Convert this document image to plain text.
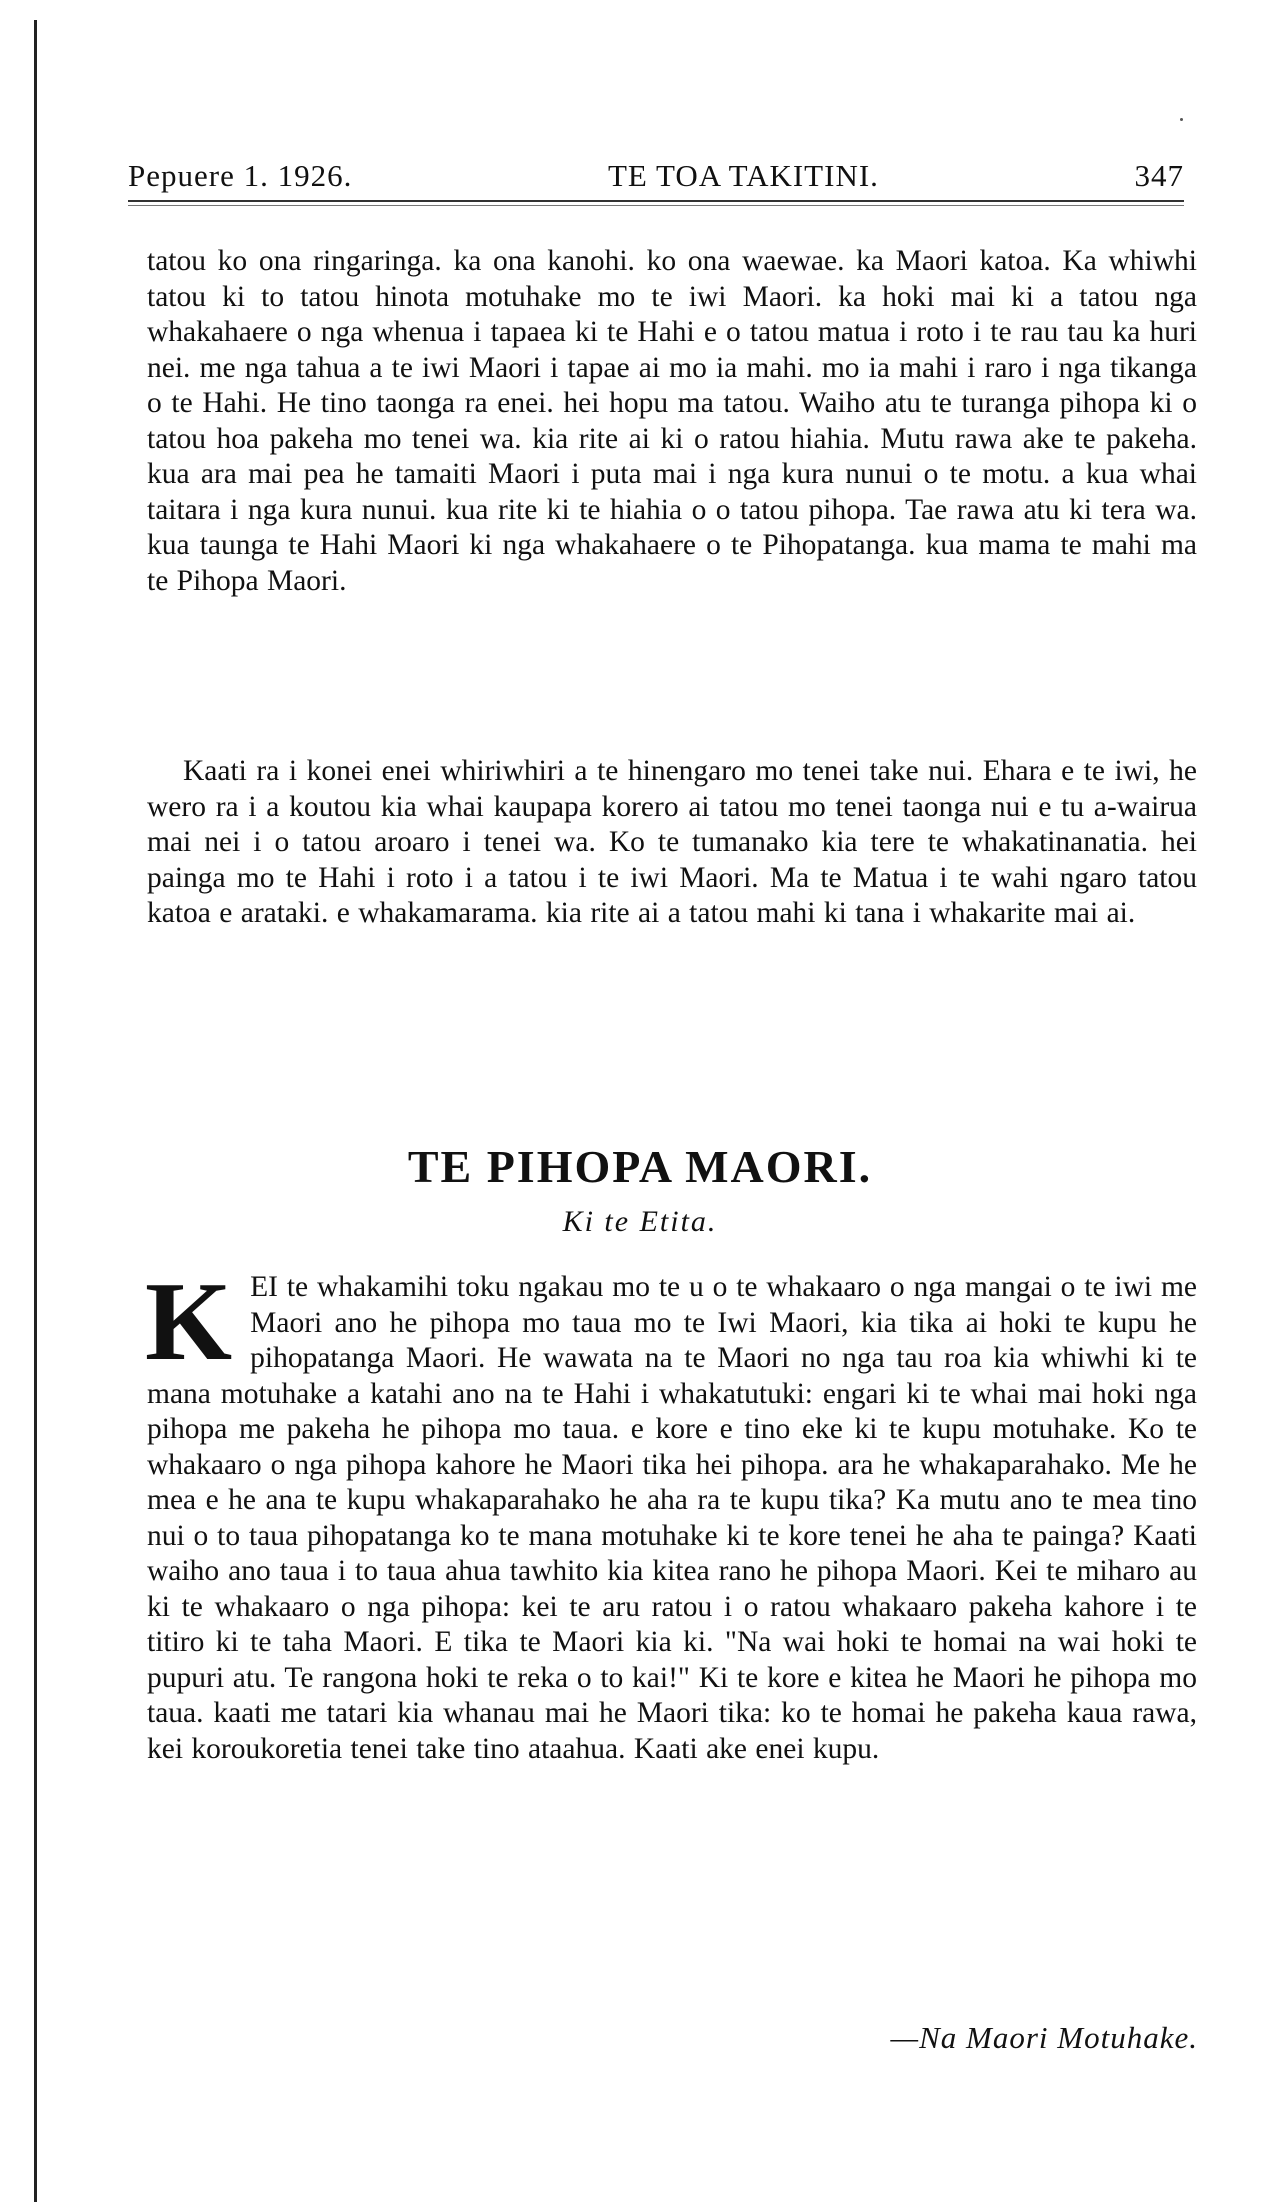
Pepuere 1. 1926.	TE TOA TAKITINI.	347

tatou ko ona ringaringa. ka ona kanohi. ko ona waewae. ka Maori katoa. Ka whiwhi tatou ki to tatou hinota motuhake mo te iwi Maori. ka hoki mai ki a tatou nga whakahaere o nga whenua i tapaea ki te Hahi e o tatou matua i roto i te rau tau ka huri nei. me nga tahua a te iwi Maori i tapae ai mo ia mahi. mo ia mahi i raro i nga tikanga o te Hahi. He tino taonga ra enei. hei hopu ma tatou. Waiho atu te turanga pihopa ki o tatou hoa pakeha mo tenei wa. kia rite ai ki o ratou hiahia. Mutu rawa ake te pakeha. kua ara mai pea he tamaiti Maori i puta mai i nga kura nunui o te motu. a kua whai taitara i nga kura nunui. kua rite ki te hiahia o o tatou pihopa. Tae rawa atu ki tera wa. kua taunga te Hahi Maori ki nga whakahaere o te Pihopatanga. kua mama te mahi ma te Pihopa Maori.

Kaati ra i konei enei whiriwhiri a te hinengaro mo tenei take nui. Ehara e te iwi, he wero ra i a koutou kia whai kaupapa korero ai tatou mo tenei taonga nui e tu a-wairua mai nei i o tatou aroaro i tenei wa. Ko te tumanako kia tere te whakatinanatia. hei painga mo te Hahi i roto i a tatou i te iwi Maori. Ma te Matua i te wahi ngaro tatou katoa e arataki. e whakamarama. kia rite ai a tatou mahi ki tana i whakarite mai ai.

TE PIHOPA MAORI.
Ki te Etita.
KEI te whakamihi toku ngakau mo te u o te whakaaro o nga mangai o te iwi me Maori ano he pihopa mo taua mo te Iwi Maori, kia tika ai hoki te kupu he pihopatanga Maori. He wawata na te Maori no nga tau roa kia whiwhi ki te mana motuhake a katahi ano na te Hahi i whakatutuki: engari ki te whai mai hoki nga pihopa me pakeha he pihopa mo taua. e kore e tino eke ki te kupu motuhake. Ko te whakaaro o nga pihopa kahore he Maori tika hei pihopa. ara he whakaparahako. Me he mea e he ana te kupu whakaparahako he aha ra te kupu tika? Ka mutu ano te mea tino nui o to taua pihopatanga ko te mana motuhake ki te kore tenei he aha te painga? Kaati waiho ano taua i to taua ahua tawhito kia kitea rano he pihopa Maori. Kei te miharo au ki te whakaaro o nga pihopa: kei te aru ratou i o ratou whakaaro pakeha kahore i te titiro ki te taha Maori. E tika te Maori kia ki. "Na wai hoki te homai na wai hoki te pupuri atu. Te rangona hoki te reka o to kai!" Ki te kore e kitea he Maori he pihopa mo taua. kaati me tatari kia whanau mai he Maori tika: ko te homai he pakeha kaua rawa, kei koroukoretia tenei take tino ataahua. Kaati ake enei kupu.
—Na Maori Motuhake.
